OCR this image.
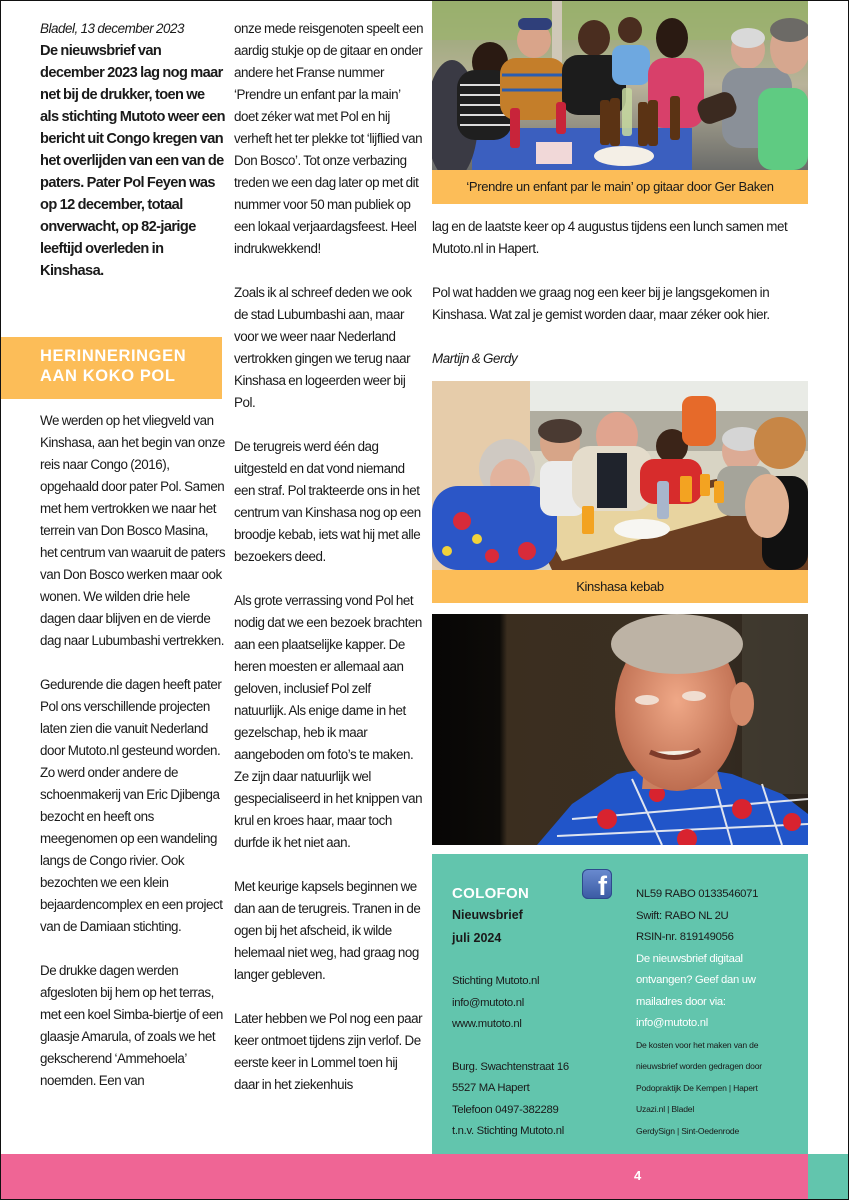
Bladel, 13 december 2023

De nieuwsbrief van december 2023 lag nog maar net bij de drukker, toen we als stichting Mutoto weer een bericht uit Congo kregen van het overlijden van een van de paters. Pater Pol Feyen was op 12 december, totaal onverwacht, op 82-jarige leeftijd overleden in Kinshasa.

HERINNERINGEN
AAN KOKO POL

We werden op het vliegveld van Kinshasa, aan het begin van onze reis naar Congo (2016), opgehaald door pater Pol. Samen met hem vertrokken we naar het terrein van Don Bosco Masina, het centrum van waaruit de paters van Don Bosco werken maar ook wonen. We wilden drie hele dagen daar blijven en de vierde dag naar Lubumbashi vertrekken.

Gedurende die dagen heeft pater Pol ons verschillende projecten laten zien die vanuit Nederland door Mutoto.nl gesteund worden. Zo werd onder andere de schoenmakerij van Eric Djibenga bezocht en heeft ons meegenomen op een wandeling langs de Congo rivier. Ook bezochten we een klein bejaardencomplex en een project van de Damiaan stichting.

De drukke dagen werden afgesloten bij hem op het terras, met een koel Simba-biertje of een glaasje Amarula, of zoals we het gekscherend ‘Ammehoela’ noemden. Een van

onze mede reisgenoten speelt een aardig stukje op de gitaar en onder andere het Franse nummer ‘Prendre un enfant par la main’ doet zéker wat met Pol en hij verheft het ter plekke tot ‘lijflied van Don Bosco’. Tot onze verbazing treden we een dag later op met dit nummer voor 50 man publiek op een lokaal verjaardagsfeest. Heel indrukwekkend!

Zoals ik al schreef deden we ook de stad Lubumbashi aan, maar voor we weer naar Nederland vertrokken gingen we terug naar Kinshasa en logeerden weer bij Pol.

De terugreis werd één dag uitgesteld en dat vond niemand een straf. Pol trakteerde ons in het centrum van Kinshasa nog op een broodje kebab, iets wat hij met alle bezoekers deed.

Als grote verrassing vond Pol het nodig dat we een bezoek brachten aan een plaatselijke kapper. De heren moesten er allemaal aan geloven, inclusief Pol zelf natuurlijk. Als enige dame in het gezelschap, heb ik maar aangeboden om foto’s te maken. Ze zijn daar natuurlijk wel gespecialiseerd in het knippen van krul en kroes haar, maar toch durfde ik het niet aan.

Met keurige kapsels beginnen we dan aan de terugreis. Tranen in de ogen bij het afscheid, ik wilde helemaal niet weg, had graag nog langer gebleven.

Later hebben we Pol nog een paar keer ontmoet tijdens zijn verlof. De eerste keer in Lommel toen hij daar in het ziekenhuis

‘Prendre un enfant par le main’ op gitaar door Ger Baken

lag en de laatste keer op 4 augustus tijdens een lunch samen met Mutoto.nl in Hapert.

Pol wat hadden we graag nog een keer bij je langsgekomen in Kinshasa. Wat zal je gemist worden daar, maar zéker ook hier.

Martijn & Gerdy

Kinshasa kebab
f
COLOFON
Nieuwsbrief
juli 2024
Stichting Mutoto.nl
info@mutoto.nl
www.mutoto.nl
Burg. Swachtenstraat 16
5527 MA Hapert
Telefoon 0497-382289
t.n.v. Stichting Mutoto.nl
NL59 RABO 0133546071
Swift: RABO NL 2U
RSIN-nr. 819149056
De nieuwsbrief digitaal
ontvangen? Geef dan uw
mailadres door via:
info@mutoto.nl
De kosten voor het maken van de
nieuwsbrief worden gedragen door
Podopraktijk De Kempen | Hapert
Uzazi.nl | Bladel
GerdySign | Sint-Oedenrode
4
